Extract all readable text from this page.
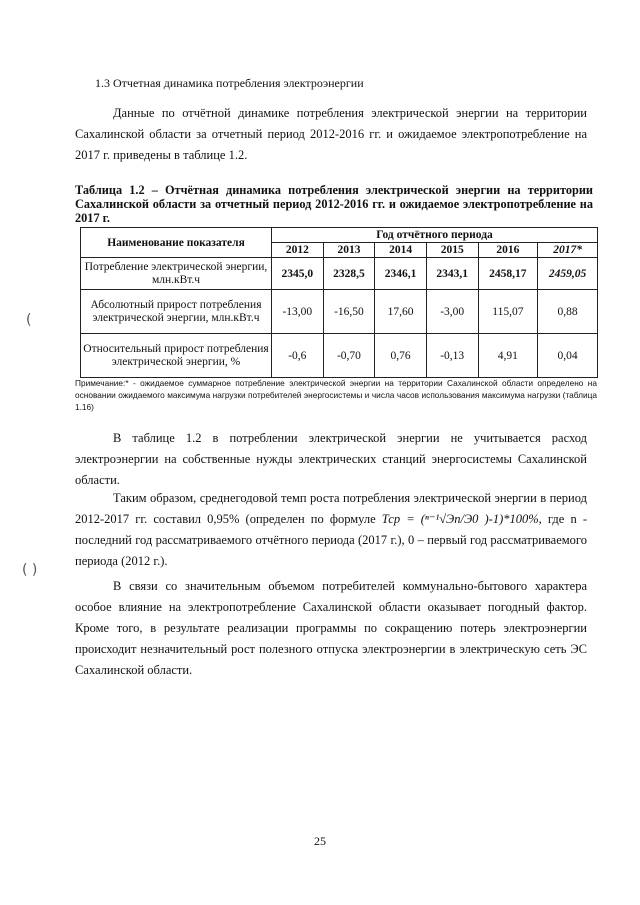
1.3 Отчетная динамика потребления электроэнергии
Данные по отчётной динамике потребления электрической энергии на территории Сахалинской области за отчетный период 2012-2016 гг. и ожидаемое электропотребление на 2017 г. приведены в таблице 1.2.
Таблица 1.2 – Отчётная динамика потребления электрической энергии на территории Сахалинской области за отчетный период 2012-2016 гг. и ожидаемое электропотребление на 2017 г.
Наименование показателя	Год отчётного периода					
	2012	2013	2014	2015	2016	2017*
Потребление электрической энергии, млн.кВт.ч	2345,0	2328,5	2346,1	2343,1	2458,17	2459,05
Абсолютный прирост потребления электрической энергии, млн.кВт.ч	-13,00	-16,50	17,60	-3,00	115,07	0,88
Относительный прирост потребления электрической энергии, %	-0,6	-0,70	0,76	-0,13	4,91	0,04
Примечание:* - ожидаемое суммарное потребление электрической энергии на территории Сахалинской области определено на основании ожидаемого максимума нагрузки потребителей энергосистемы и числа часов использования максимума нагрузки (таблица 1.16)
В таблице 1.2 в потреблении электрической энергии не учитывается расход электроэнергии на собственные нужды электрических станций энергосистемы Сахалинской области.
Таким образом, среднегодовой темп роста потребления электрической энергии в период 2012-2017 гг. составил 0,95% (определен по формуле Тср = (ⁿ⁻¹√Эп/Э0 )-1)*100%, где n - последний год рассматриваемого отчётного периода (2017 г.), 0 – первый год рассматриваемого периода (2012 г.).
В связи со значительным объемом потребителей коммунально-бытового характера особое влияние на электропотребление Сахалинской области оказывает погодный фактор. Кроме того, в результате реализации программы по сокращению потерь электроэнергии происходит незначительный рост полезного отпуска электроэнергии в электрическую сеть ЭС Сахалинской области.
(
( )
25
